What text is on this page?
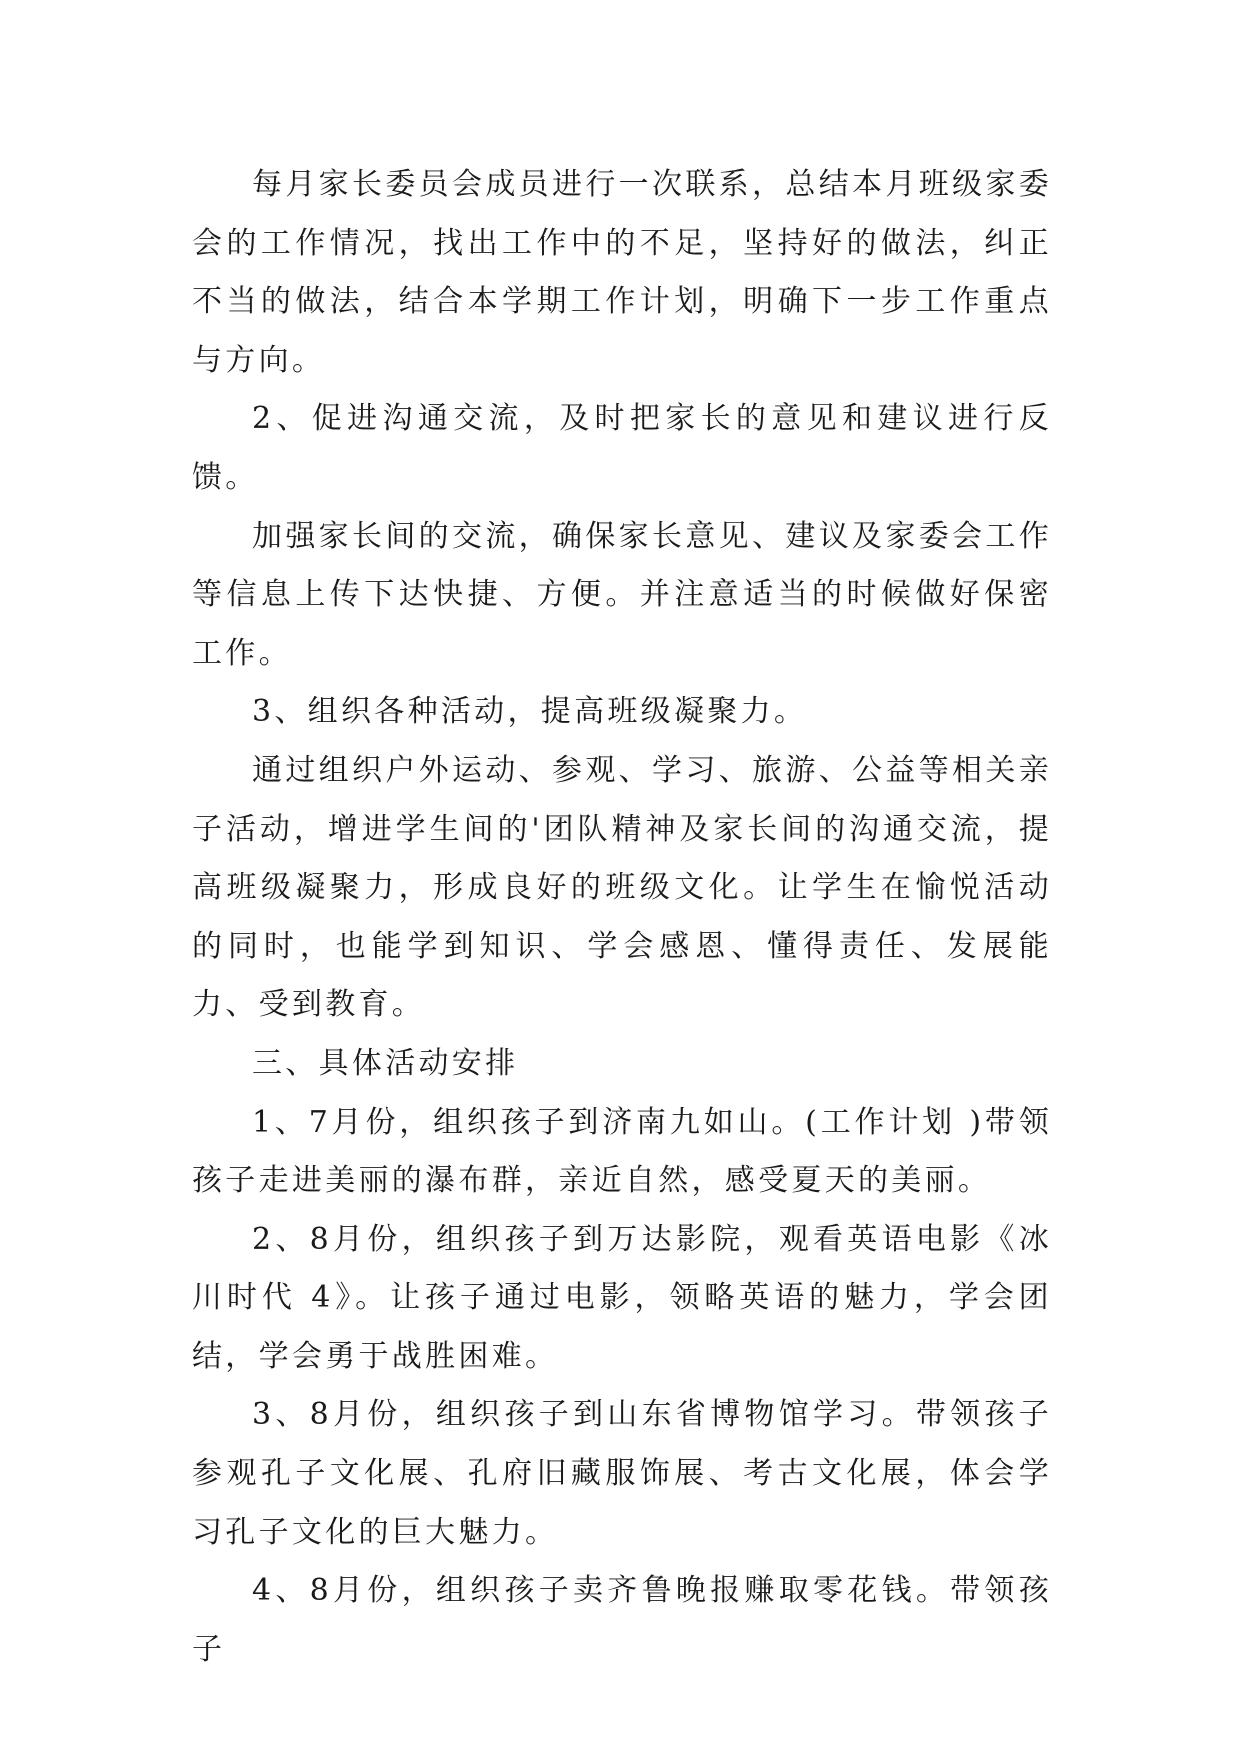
每月家长委员会成员进行一次联系，总结本月班级家委会的工作情况，找出工作中的不足，坚持好的做法，纠正不当的做法，结合本学期工作计划，明确下一步工作重点与方向。

2、促进沟通交流，及时把家长的意见和建议进行反馈。

加强家长间的交流，确保家长意见、建议及家委会工作等信息上传下达快捷、方便。并注意适当的时候做好保密工作。

3、组织各种活动，提高班级凝聚力。

通过组织户外运动、参观、学习、旅游、公益等相关亲子活动，增进学生间的'团队精神及家长间的沟通交流，提高班级凝聚力，形成良好的班级文化。让学生在愉悦活动的同时，也能学到知识、学会感恩、懂得责任、发展能力、受到教育。

三、具体活动安排

1、7月份，组织孩子到济南九如山。(工作计划 )带领孩子走进美丽的瀑布群，亲近自然，感受夏天的美丽。

2、8月份，组织孩子到万达影院，观看英语电影《冰川时代 4》。让孩子通过电影，领略英语的魅力，学会团结，学会勇于战胜困难。

3、8月份，组织孩子到山东省博物馆学习。带领孩子参观孔子文化展、孔府旧藏服饰展、考古文化展，体会学习孔子文化的巨大魅力。

4、8月份，组织孩子卖齐鲁晚报赚取零花钱。带领孩子
